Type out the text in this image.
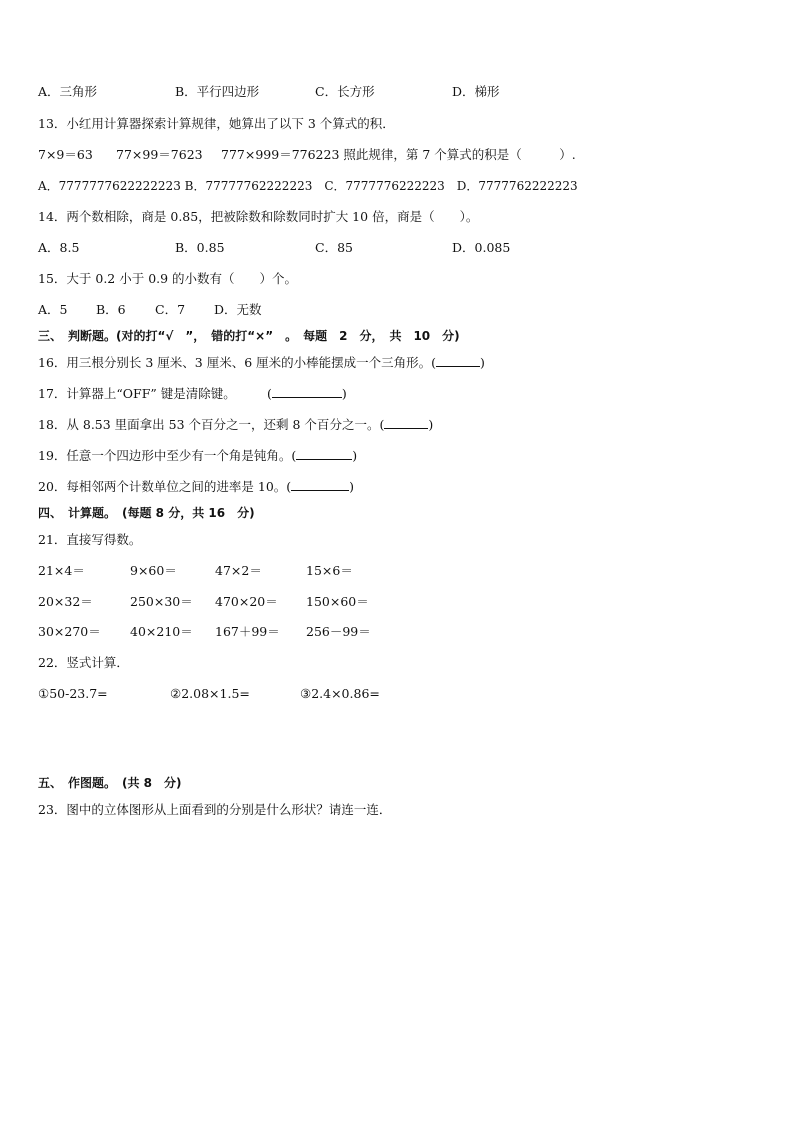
A．三角形	B．平行四边形	C．长方形	D．梯形
13．小红用计算器探索计算规律，她算出了以下 3 个算式的积．
7×9＝63 77×99＝7623 777×999＝776223 照此规律，第 7 个算式的积是（　　　）.
A．7777777622222223 B．77777762222223　C．7777776222223　D．7777762222223
14．两个数相除，商是 0.85，把被除数和除数同时扩大 10 倍，商是（　　）。
A．8.5	B．0.85	C．85	D．0.085
15．大于 0.2 小于 0.9 的小数有（　　）个。
A．5 B．6 C．7 D．无数
三、　判断题。(对的打“√　”，　错的打“×”　。　每题　2　分，　共　10　分)
16．用三根分别长 3 厘米、3 厘米、6 厘米的小棒能摆成一个三角形。(	)
17．计算器上“OFF” 键是清除键。　　　(	)
18．从 8.53 里面拿出 53 个百分之一，还剩 8 个百分之一。(	)
19．任意一个四边形中至少有一个角是钝角。(	)
20．每相邻两个计数单位之间的进率是 10。(	)
四、　计算题。　(每题 8 分，共 16　分)
21．直接写得数。
21×4＝	9×60＝	47×2＝	15×6＝
20×32＝	250×30＝ 470×20＝ 150×60＝
30×270＝ 40×210＝ 167＋99＝ 256－99＝
22．竖式计算．
①50-23.7=	②2.08×1.5=	③2.4×0.86=
五、　作图题。　(共 8　分)
23．图中的立体图形从上面看到的分别是什么形状？请连一连．
